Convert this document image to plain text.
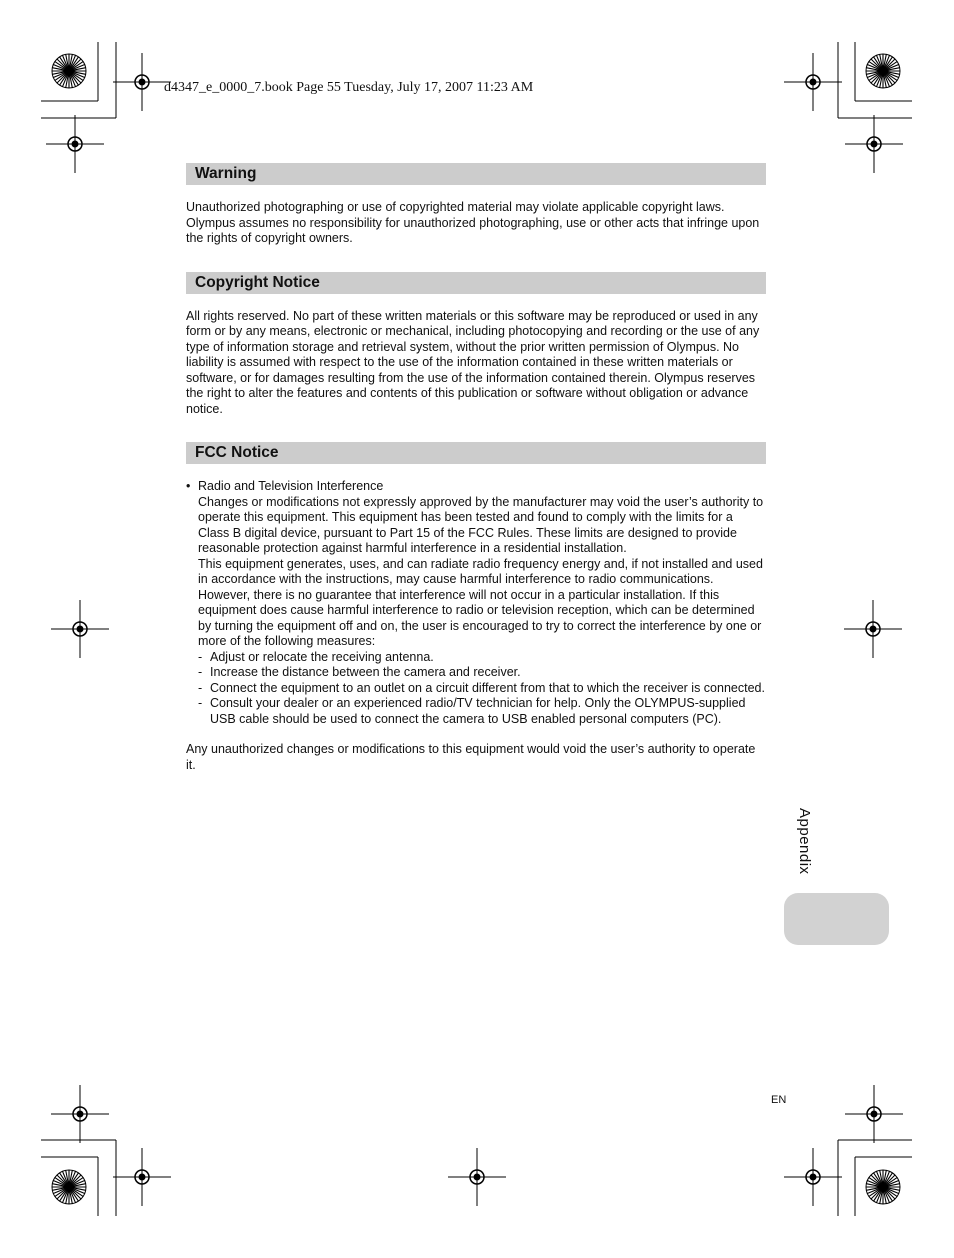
d4347_e_0000_7.book Page 55 Tuesday, July 17, 2007 11:23 AM
Warning

Unauthorized photographing or use of copyrighted material may violate applicable copyright laws. Olympus assumes no responsibility for unauthorized photographing, use or other acts that infringe upon the rights of copyright owners.

Copyright Notice

All rights reserved. No part of these written materials or this software may be reproduced or used in any form or by any means, electronic or mechanical, including photocopying and recording or the use of any type of information storage and retrieval system, without the prior written permission of Olympus. No liability is assumed with respect to the use of the information contained in these written materials or software, or for damages resulting from the use of the information contained therein. Olympus reserves the right to alter the features and contents of this publication or software without obligation or advance notice.

FCC Notice
• Radio and Television Interference

Changes or modifications not expressly approved by the manufacturer may void the user’s authority to operate this equipment. This equipment has been tested and found to comply with the limits for a Class B digital device, pursuant to Part 15 of the FCC Rules. These limits are designed to provide reasonable protection against harmful interference in a residential installation.

This equipment generates, uses, and can radiate radio frequency energy and, if not installed and used in accordance with the instructions, may cause harmful interference to radio communications.

However, there is no guarantee that interference will not occur in a particular installation. If this equipment does cause harmful interference to radio or television reception, which can be determined by turning the equipment off and on, the user is encouraged to try to correct the interference by one or more of the following measures:

- Adjust or relocate the receiving antenna.
- Increase the distance between the camera and receiver.
- Connect the equipment to an outlet on a circuit different from that to which the receiver is connected.
- Consult your dealer or an experienced radio/TV technician for help. Only the OLYMPUS-supplied USB cable should be used to connect the camera to USB enabled personal computers (PC).

Any unauthorized changes or modifications to this equipment would void the user’s authority to operate it.

Appendix
EN
